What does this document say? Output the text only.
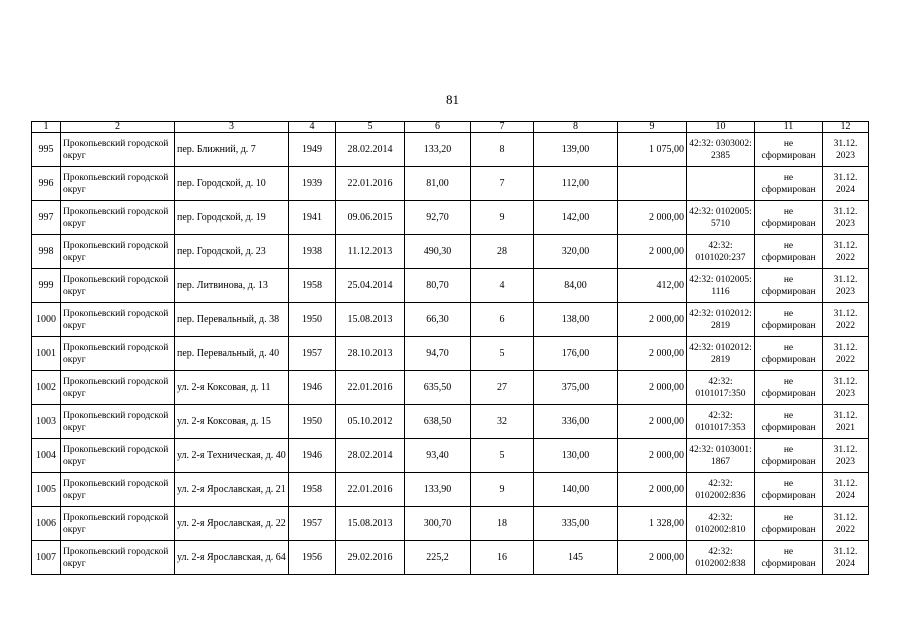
81
1	2	3	4	5	6	7	8	9	10	11	12
995	Прокопьевский городской округ	пер. Ближний, д. 7	1949	28.02.2014	133,20	8	139,00	1 075,00	42:32: 0303002: 2385	не сформирован	31.12. 2023
996	Прокопьевский городской округ	пер. Городской, д. 10	1939	22.01.2016	81,00	7	112,00			не сформирован	31.12. 2024
997	Прокопьевский городской округ	пер. Городской, д. 19	1941	09.06.2015	92,70	9	142,00	2 000,00	42:32: 0102005: 5710	не сформирован	31.12. 2023
998	Прокопьевский городской округ	пер. Городской, д. 23	1938	11.12.2013	490,30	28	320,00	2 000,00	42:32: 0101020:237	не сформирован	31.12. 2022
999	Прокопьевский городской округ	пер. Литвинова, д. 13	1958	25.04.2014	80,70	4	84,00	412,00	42:32: 0102005: 1116	не сформирован	31.12. 2023
1000	Прокопьевский городской округ	пер. Перевальный, д. 38	1950	15.08.2013	66,30	6	138,00	2 000,00	42:32: 0102012: 2819	не сформирован	31.12. 2022
1001	Прокопьевский городской округ	пер. Перевальный, д. 40	1957	28.10.2013	94,70	5	176,00	2 000,00	42:32: 0102012: 2819	не сформирован	31.12. 2022
1002	Прокопьевский городской округ	ул. 2-я Коксовая, д. 11	1946	22.01.2016	635,50	27	375,00	2 000,00	42:32: 0101017:350	не сформирован	31.12. 2023
1003	Прокопьевский городской округ	ул. 2-я Коксовая, д. 15	1950	05.10.2012	638,50	32	336,00	2 000,00	42:32: 0101017:353	не сформирован	31.12. 2021
1004	Прокопьевский городской округ	ул. 2-я Техническая, д. 40	1946	28.02.2014	93,40	5	130,00	2 000,00	42:32: 0103001: 1867	не сформирован	31.12. 2023
1005	Прокопьевский городской округ	ул. 2-я Ярославская, д. 21	1958	22.01.2016	133,90	9	140,00	2 000,00	42:32: 0102002:836	не сформирован	31.12. 2024
1006	Прокопьевский городской округ	ул. 2-я Ярославская, д. 22	1957	15.08.2013	300,70	18	335,00	1 328,00	42:32: 0102002:810	не сформирован	31.12. 2022
1007	Прокопьевский городской округ	ул. 2-я Ярославская, д. 64	1956	29.02.2016	225,2	16	145	2 000,00	42:32: 0102002:838	не сформирован	31.12. 2024
